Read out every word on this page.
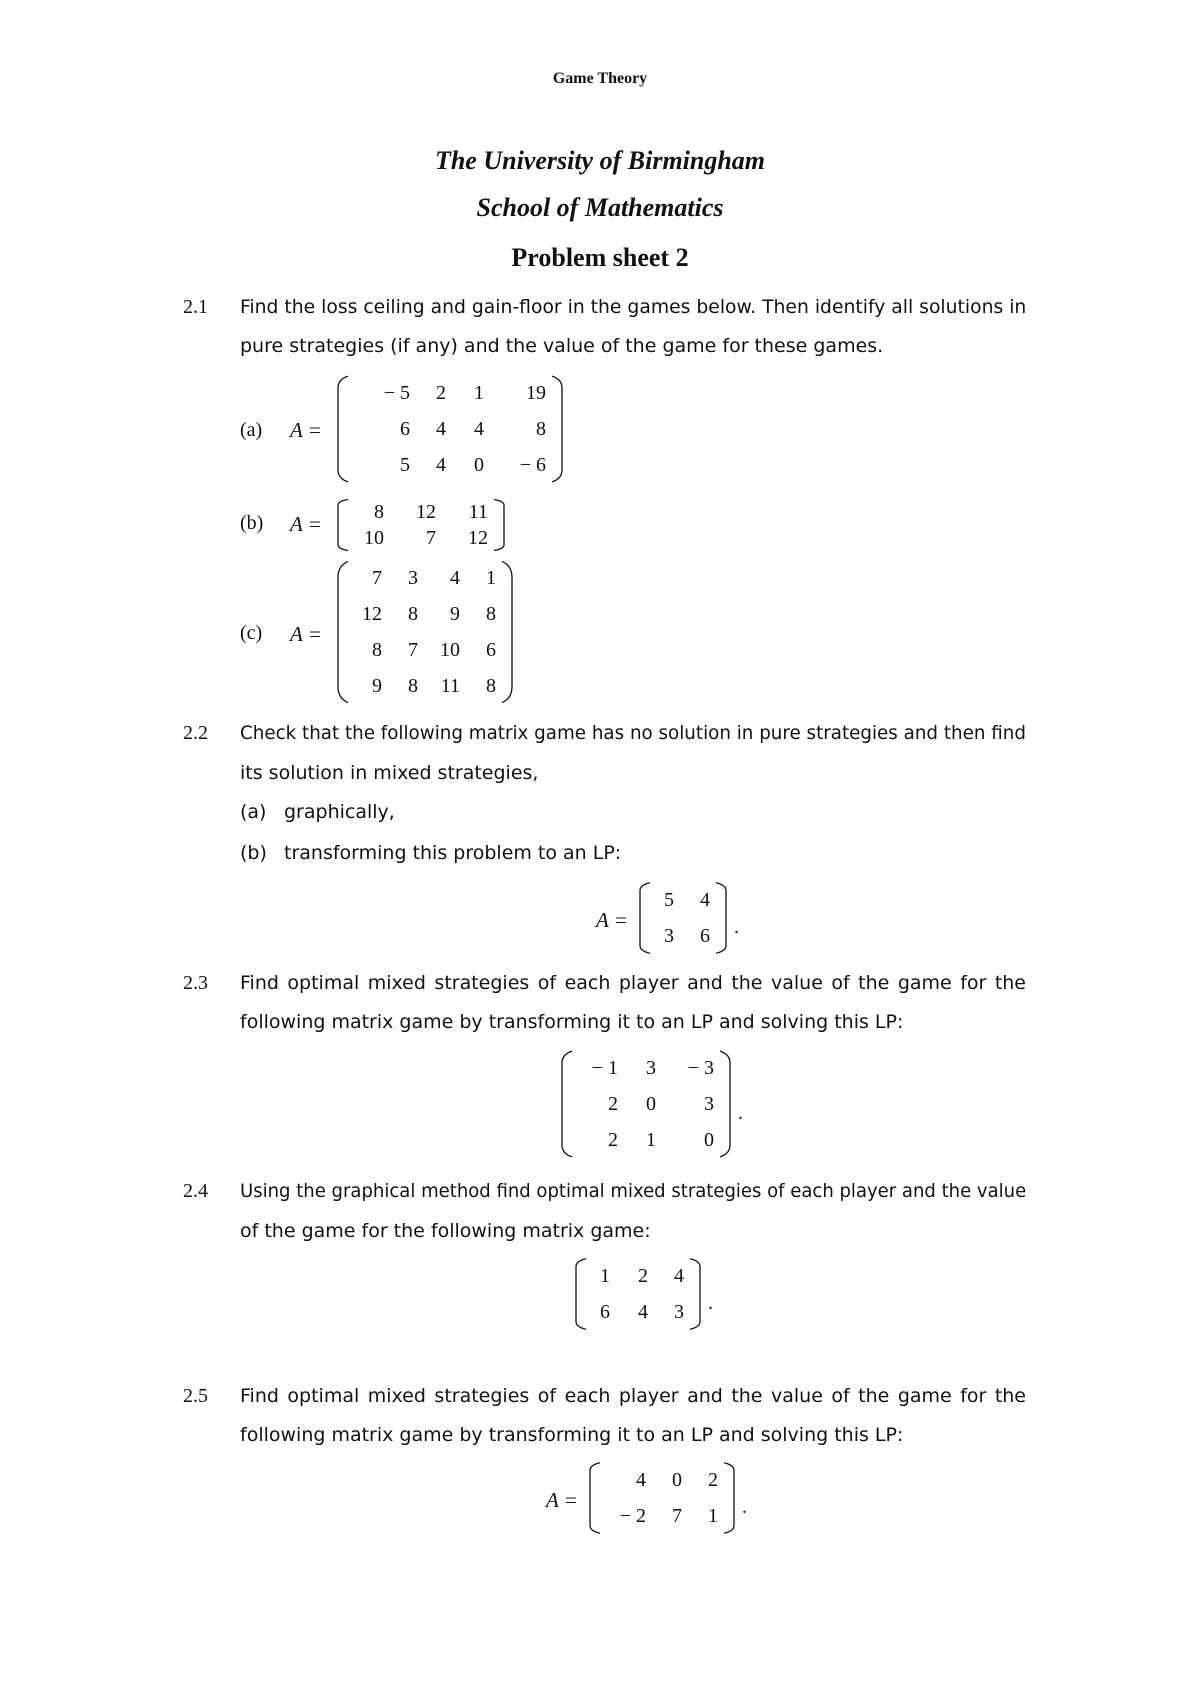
Game Theory
The University of Birmingham
School of Mathematics
Problem sheet 2
2.1 Find the loss ceiling and gain-floor in the games below. Then identify all solutions in
pure strategies (if any) and the value of the game for these games.
(a) A =
− 5	2	1	19
6	4	4	8
5	4	0	− 6
(b) A =	8	12	11
10	7	12
(c) A =
7	3	4	1
12	8	9	8
8	7	10	6
9	8	11	8
2.2 Check that the following matrix game has no solution in pure strategies and then find
its solution in mixed strategies,
(a) graphically,
(b) transforming this problem to an LP:
A =
5	4
3	6 .
2.3 Find optimal mixed strategies of each player and the value of the game for the
following matrix game by transforming it to an LP and solving this LP:
− 1	3	− 3
2	0	3
2	1	0
.
2.4 Using the graphical method find optimal mixed strategies of each player and the value
of the game for the following matrix game:
1	2	4
6	4	3 .
2.5 Find optimal mixed strategies of each player and the value of the game for the
following matrix game by transforming it to an LP and solving this LP:
A =
4	0	2
− 2	7	1 .
